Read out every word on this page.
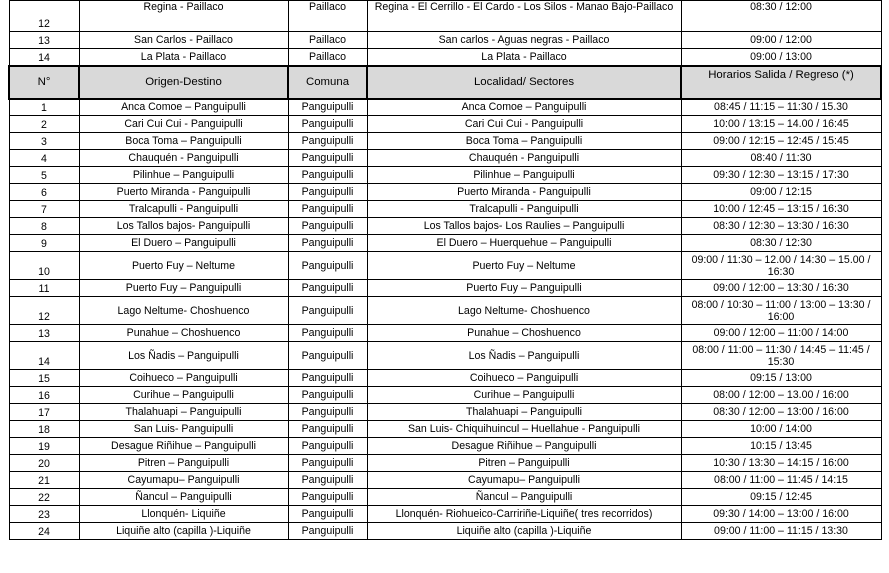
12	Regina - Paillaco	Paillaco	Regina - El Cerrillo - El Cardo - Los Silos - Manao Bajo-Paillaco	08:30 / 12:00
13	San Carlos - Paillaco	Paillaco	San carlos - Aguas negras - Paillaco	09:00 / 12:00
14	La Plata - Paillaco	Paillaco	La Plata - Paillaco	09:00 / 13:00
N°	Origen-Destino	Comuna	Localidad/ Sectores	Horarios Salida / Regreso (*)
1	Anca Comoe – Panguipulli	Panguipulli	Anca Comoe – Panguipulli	08:45 / 11:15 – 11:30 / 15.30
2	Cari Cui Cui - Panguipulli	Panguipulli	Cari Cui Cui - Panguipulli	10:00 / 13:15 – 14.00 / 16:45
3	Boca Toma – Panguipulli	Panguipulli	Boca Toma – Panguipulli	09:00 / 12:15 – 12:45 / 15:45
4	Chauquén - Panguipulli	Panguipulli	Chauquén - Panguipulli	08:40 / 11:30
5	Pilinhue – Panguipulli	Panguipulli	Pilinhue – Panguipulli	09:30 / 12:30 – 13:15 / 17:30
6	Puerto Miranda - Panguipulli	Panguipulli	Puerto Miranda - Panguipulli	09:00 / 12:15
7	Tralcapulli - Panguipulli	Panguipulli	Tralcapulli - Panguipulli	10:00 / 12:45 – 13:15 / 16:30
8	Los Tallos bajos- Panguipulli	Panguipulli	Los Tallos bajos- Los Raulies – Panguipulli	08:30 / 12:30 – 13:30 / 16:30
9	El Duero – Panguipulli	Panguipulli	El Duero – Huerquehue – Panguipulli	08:30 / 12:30
10	Puerto Fuy – Neltume	Panguipulli	Puerto Fuy – Neltume	09:00 / 11:30 – 12.00 / 14:30 – 15.00 / 16:30
11	Puerto Fuy – Panguipulli	Panguipulli	Puerto Fuy – Panguipulli	09:00 / 12:00 – 13:30 / 16:30
12	Lago Neltume- Choshuenco	Panguipulli	Lago Neltume- Choshuenco	08:00 / 10:30 – 11:00 / 13:00 – 13:30 / 16:00
13	Punahue – Choshuenco	Panguipulli	Punahue – Choshuenco	09:00 / 12:00 – 11:00 / 14:00
14	Los Ñadis – Panguipulli	Panguipulli	Los Ñadis – Panguipulli	08:00 / 11:00 – 11:30 / 14:45 – 11:45 / 15:30
15	Coihueco – Panguipulli	Panguipulli	Coihueco – Panguipulli	09:15 / 13:00
16	Curihue – Panguipulli	Panguipulli	Curihue – Panguipulli	08:00 / 12:00 – 13.00 / 16:00
17	Thalahuapi – Panguipulli	Panguipulli	Thalahuapi – Panguipulli	08:30 / 12:00 – 13:00 / 16:00
18	San Luis- Panguipulli	Panguipulli	San Luis- Chiquihuincul – Huellahue - Panguipulli	10:00 / 14:00
19	Desague Riñihue – Panguipulli	Panguipulli	Desague Riñihue – Panguipulli	10:15 / 13:45
20	Pitren – Panguipulli	Panguipulli	Pitren – Panguipulli	10:30 / 13:30 – 14:15 / 16:00
21	Cayumapu– Panguipulli	Panguipulli	Cayumapu– Panguipulli	08:00 / 11:00 – 11:45 / 14:15
22	Ñancul – Panguipulli	Panguipulli	Ñancul – Panguipulli	09:15 / 12:45
23	Llonquén- Liquiñe	Panguipulli	Llonquén- Riohueico-Carririñe-Liquiñe( tres recorridos)	09:30 / 14:00 – 13:00 / 16:00
24	Liquiñe alto (capilla )-Liquiñe	Panguipulli	Liquiñe alto (capilla )-Liquiñe	09:00 / 11:00 – 11:15 / 13:30
